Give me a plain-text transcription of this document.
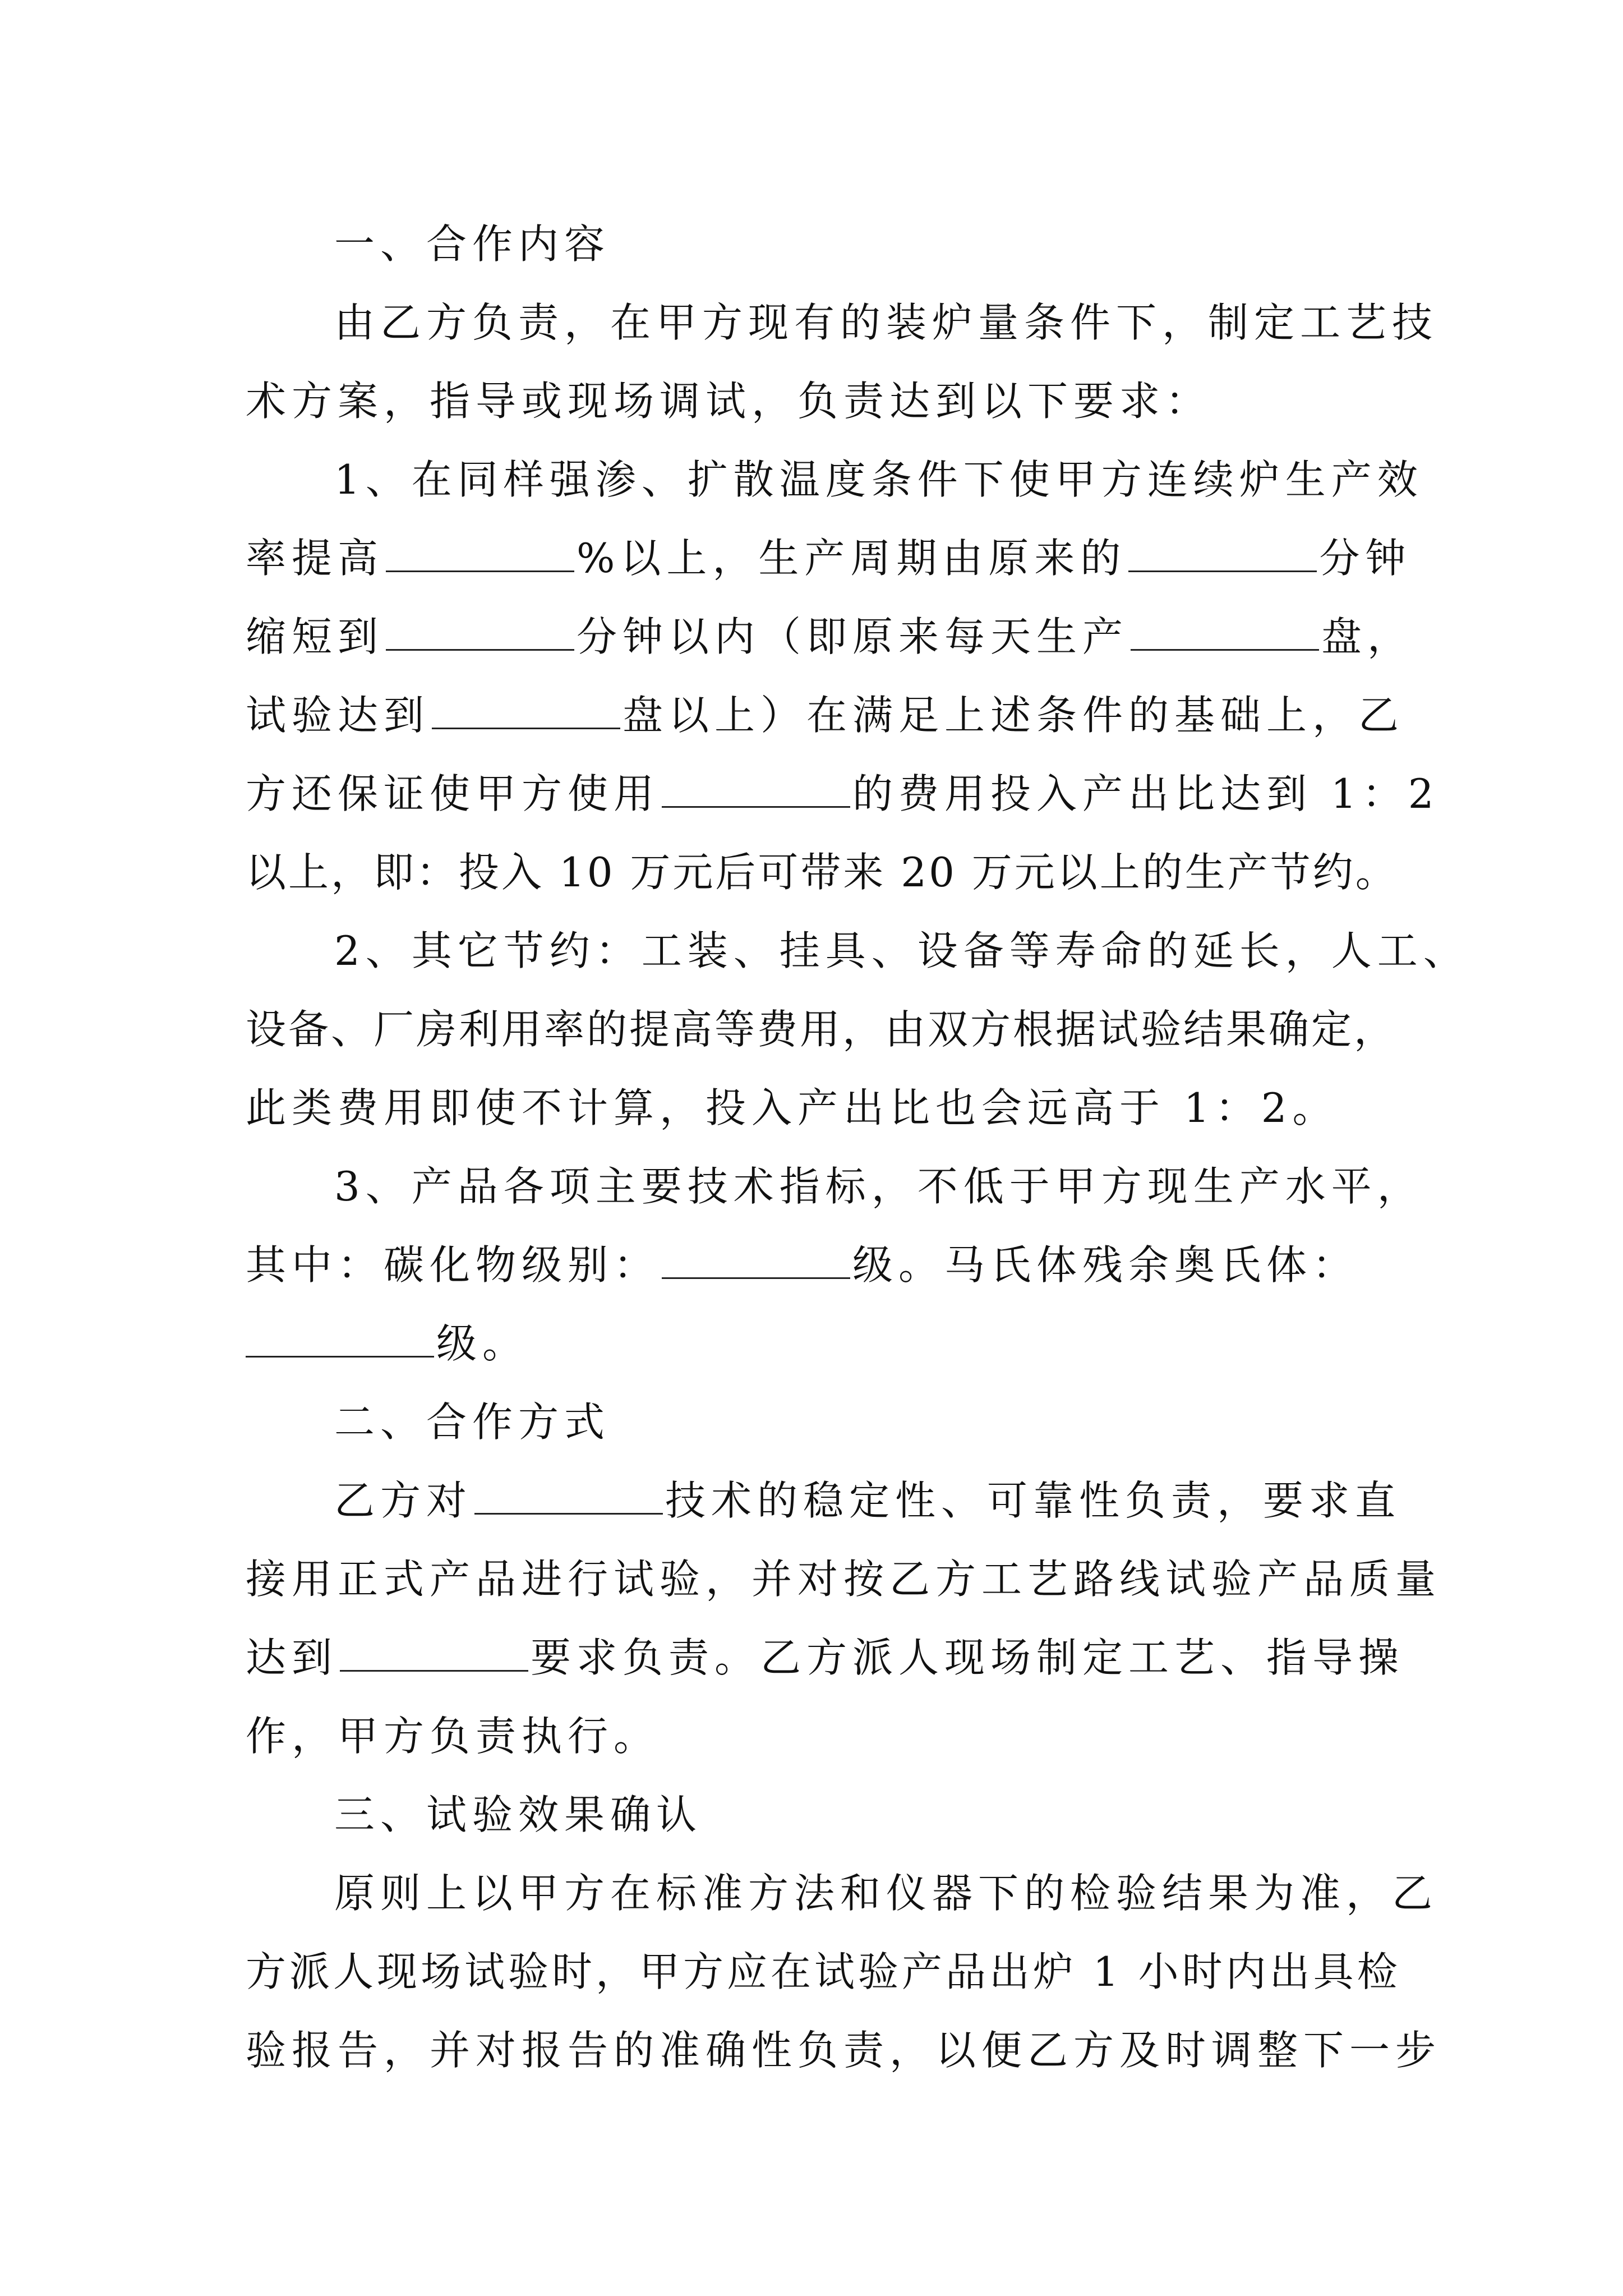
一、合作内容
由乙方负责，在甲方现有的装炉量条件下，制定工艺技
术方案，指导或现场调试，负责达到以下要求：
1、在同样强渗、扩散温度条件下使甲方连续炉生产效
率提高	%以上，生产周期由原来的	分钟
缩短到	分钟以内（即原来每天生产	盘，
试验达到	盘以上）在满足上述条件的基础上，乙
方还保证使甲方使用	的费用投入产出比达到 1：2
以上，即：投入 10 万元后可带来 20 万元以上的生产节约。
2、其它节约：工装、挂具、设备等寿命的延长，人工、
设备、厂房利用率的提高等费用，由双方根据试验结果确定，
此类费用即使不计算，投入产出比也会远高于 1：2。
3、产品各项主要技术指标，不低于甲方现生产水平，
其中：碳化物级别：	级。马氏体残余奥氏体：
级。
二、合作方式
乙方对	技术的稳定性、可靠性负责，要求直
接用正式产品进行试验，并对按乙方工艺路线试验产品质量
达到	要求负责。乙方派人现场制定工艺、指导操
作，甲方负责执行。
三、试验效果确认
原则上以甲方在标准方法和仪器下的检验结果为准，乙
方派人现场试验时，甲方应在试验产品出炉 1 小时内出具检
验报告，并对报告的准确性负责，以便乙方及时调整下一步
